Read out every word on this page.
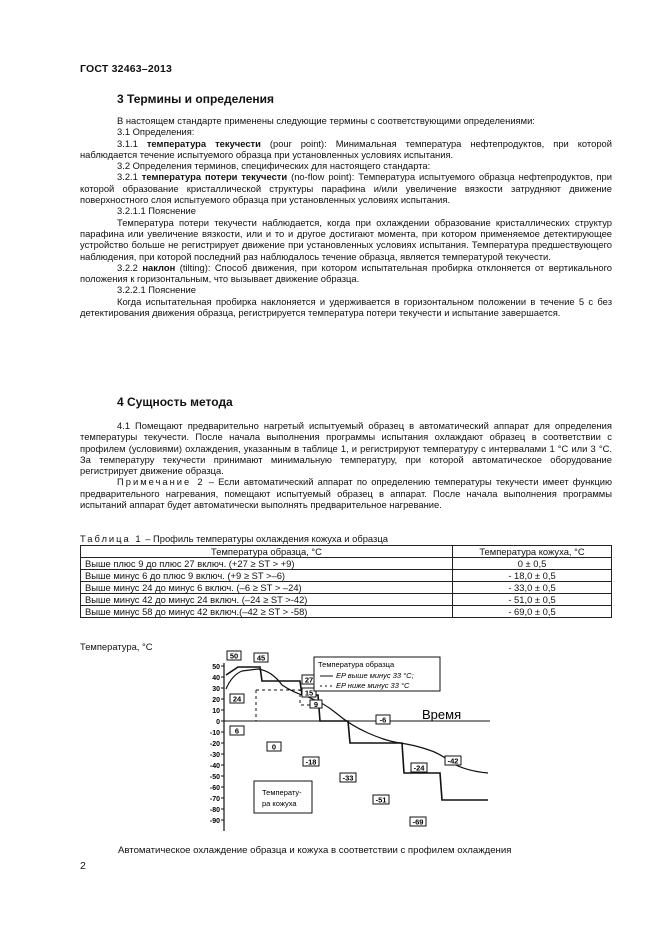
ГОСТ 32463–2013
3 Термины и определения

В настоящем стандарте применены следующие термины с соответствующими определениями:

3.1 Определения:

3.1.1 температура текучести (pour point): Минимальная температура нефтепродуктов, при которой наблюдается течение испытуемого образца при установленных условиях испытания.

3.2 Определения терминов, специфических для настоящего стандарта:

3.2.1 температура потери текучести (no-flow point): Температура испытуемого образца нефтепродуктов, при которой образование кристаллической структуры парафина и/или увеличение вязкости затрудняют движение поверхностного слоя испытуемого образца при установленных условиях испытания.

3.2.1.1 Пояснение

Температура потери текучести наблюдается, когда при охлаждении образование кристаллических структур парафина или увеличение вязкости, или и то и другое достигают момента, при котором применяемое детектирующее устройство больше не регистрирует движение при установленных условиях испытания. Температура предшествующего наблюдения, при которой последний раз наблюдалось течение образца, является температурой текучести.

3.2.2 наклон (tilting): Способ движения, при котором испытательная пробирка отклоняется от вертикального положения к горизонтальным, что вызывает движение образца.

3.2.2.1 Пояснение

Когда испытательная пробирка наклоняется и удерживается в горизонтальном положении в течение 5 с без детектирования движения образца, регистрируется температура потери текучести и испытание завершается.

4 Сущность метода

4.1 Помещают предварительно нагретый испытуемый образец в автоматический аппарат для определения температуры текучести. После начала выполнения программы испытания охлаждают образец в соответствии с профилем (условиями) охлаждения, указанным в таблице 1, и регистрируют температуру с интервалами 1 °С или 3 °С. За температуру текучести принимают минимальную температуру, при которой автоматическое оборудование регистрирует движение образца.

Примечание 2 – Если автоматический аппарат по определению температуры текучести имеет функцию предварительного нагревания, помещают испытуемый образец в аппарат. После начала выполнения программы испытаний аппарат будет автоматически выполнять предварительное нагревание.

Таблица 1 – Профиль температуры охлаждения кожуха и образца
Температура образца, °С	Температура кожуха, °С
Выше плюс 9 до плюс 27 включ. (+27 ≥ ST > +9)	0 ± 0,5
Выше минус 6 до плюс 9 включ. (+9 ≥ ST >–6)	- 18,0 ± 0,5
Выше минус 24 до минус 6 включ. (–6 ≥ ST > –24)	- 33,0 ± 0,5
Выше минус 42 до минус 24 включ. (–24 ≥ ST >-42)	- 51,0 ± 0,5
Выше минус 58 до минус 42 включ.(–42 ≥ ST > -58)	- 69,0 ± 0,5
Температура, °С
Время
50
40
30
20
10
0
-10
-20
-30
-40
-50
-60
-70
-80
-90
50 45
27
15
9
24
6
0
-6
-18
-24
-33
-42
-51
-69
Температура образца
EP выше минус 33 °С;
EP ниже минус 33 °С
Температу-
ра кожуха
Автоматическое охлаждение образца и кожуха в соответствии с профилем охлаждения
2
